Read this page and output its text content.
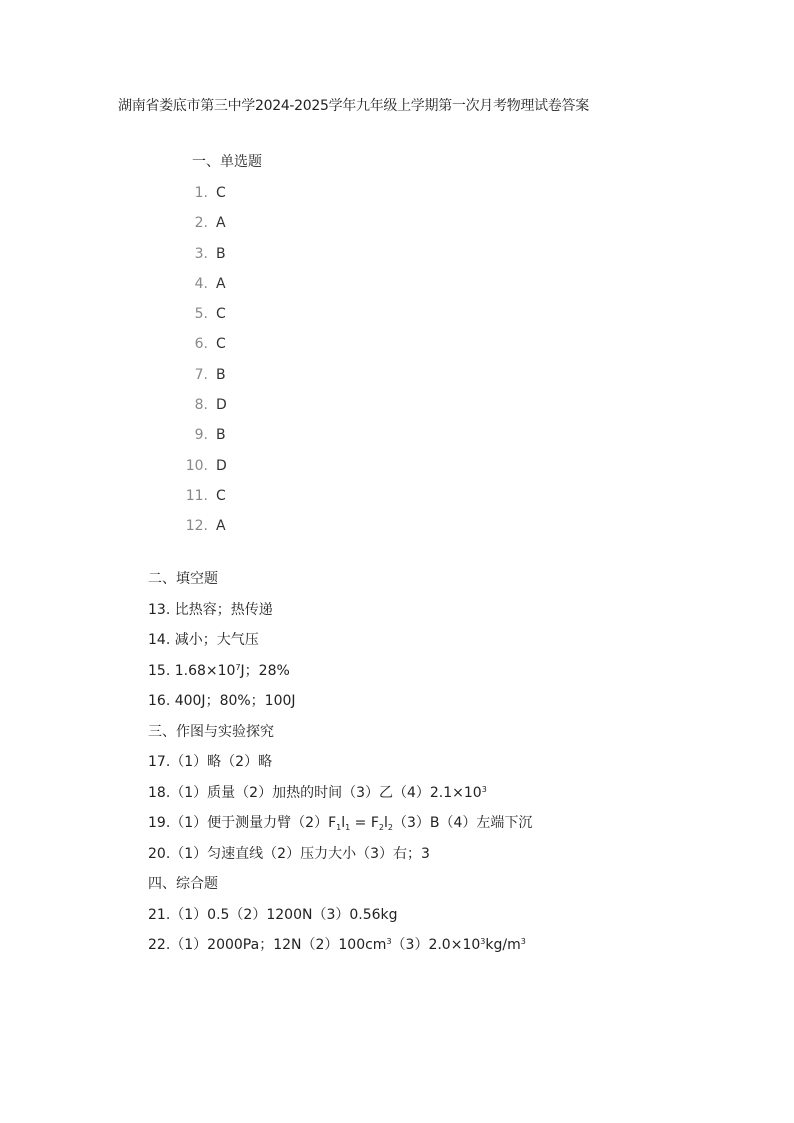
湖南省娄底市第三中学2024-2025学年九年级上学期第一次月考物理试卷答案
一、单选题
1. C
2. A
3. B
4. A
5. C
6. C
7. B
8. D
9. B
10. D
11. C
12. A
二、填空题
13. 比热容；热传递
14. 减小；大气压
15. $1.68\times 10^7J$；28%
16. 400J；80%；100J
三、作图与实验探究
17.（1）略（2）略
18.（1）质量（2）加热的时间（3）乙$(4)2.1\times 10^3$
19.（1）便于测量力臂$(2)F_1l_1 = F_2l_2(3)B(4)$左端下沉
20.（1）匀速直线（2）压力大小（3）右；3
四、综合题
21.（1）0.5（2）1200N（3）0.56kg
22.（1）2000Pa；$12N(2)100cm^3(3)2.0\times 10^3kg/m^3$
